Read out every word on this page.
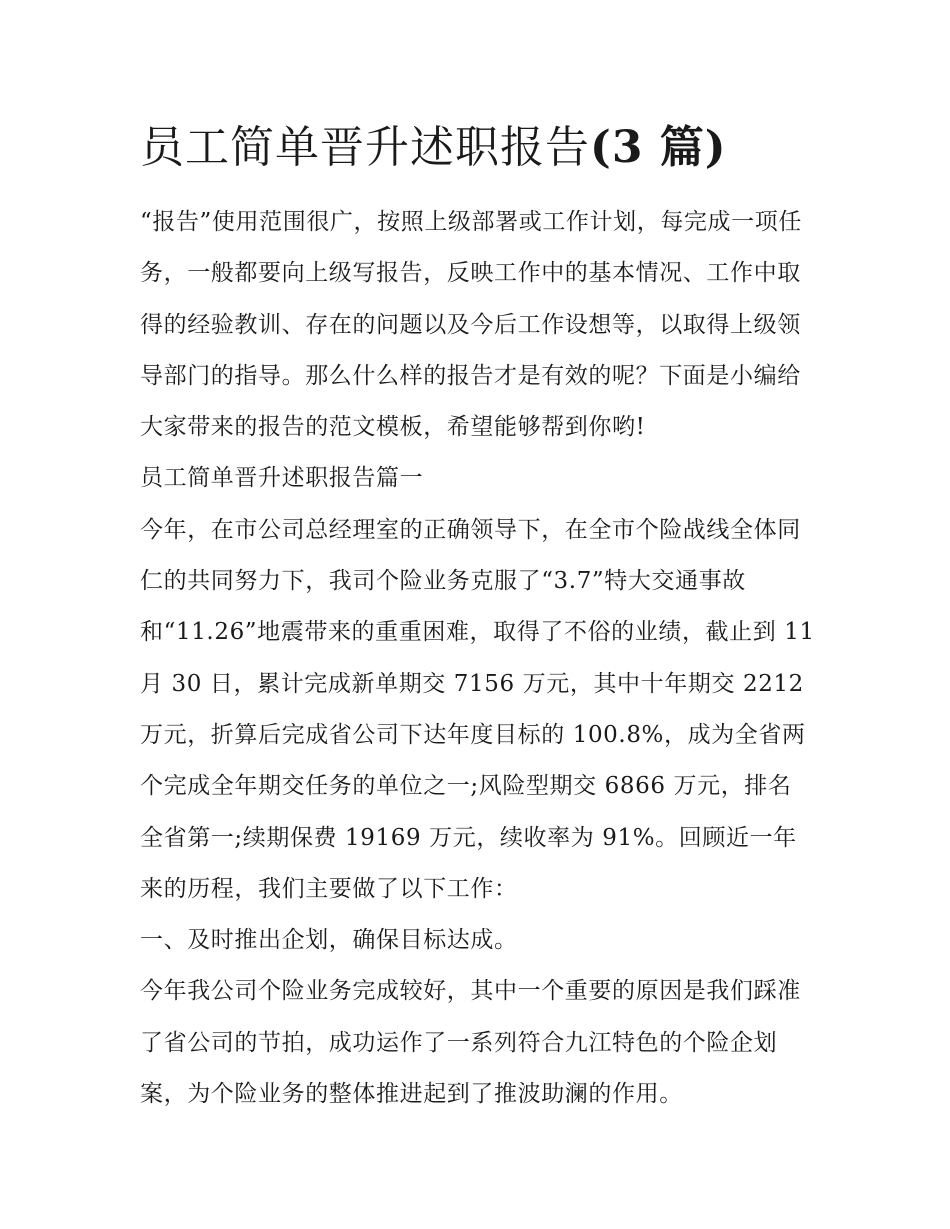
员工简单晋升述职报告(3 篇)

“报告”使用范围很广，按照上级部署或工作计划，每完成一项任务，一般都要向上级写报告，反映工作中的基本情况、工作中取得的经验教训、存在的问题以及今后工作设想等，以取得上级领导部门的指导。那么什么样的报告才是有效的呢？下面是小编给大家带来的报告的范文模板，希望能够帮到你哟!

员工简单晋升述职报告篇一

今年，在市公司总经理室的正确领导下，在全市个险战线全体同仁的共同努力下，我司个险业务克服了“3.7”特大交通事故和“11.26”地震带来的重重困难，取得了不俗的业绩，截止到 11 月 30 日，累计完成新单期交 7156 万元，其中十年期交 2212 万元，折算后完成省公司下达年度目标的 100.8%，成为全省两个完成全年期交任务的单位之一;风险型期交 6866 万元，排名全省第一;续期保费 19169 万元，续收率为 91%。回顾近一年来的历程，我们主要做了以下工作：

一、及时推出企划，确保目标达成。

今年我公司个险业务完成较好，其中一个重要的原因是我们踩准了省公司的节拍，成功运作了一系列符合九江特色的个险企划案，为个险业务的整体推进起到了推波助澜的作用。
